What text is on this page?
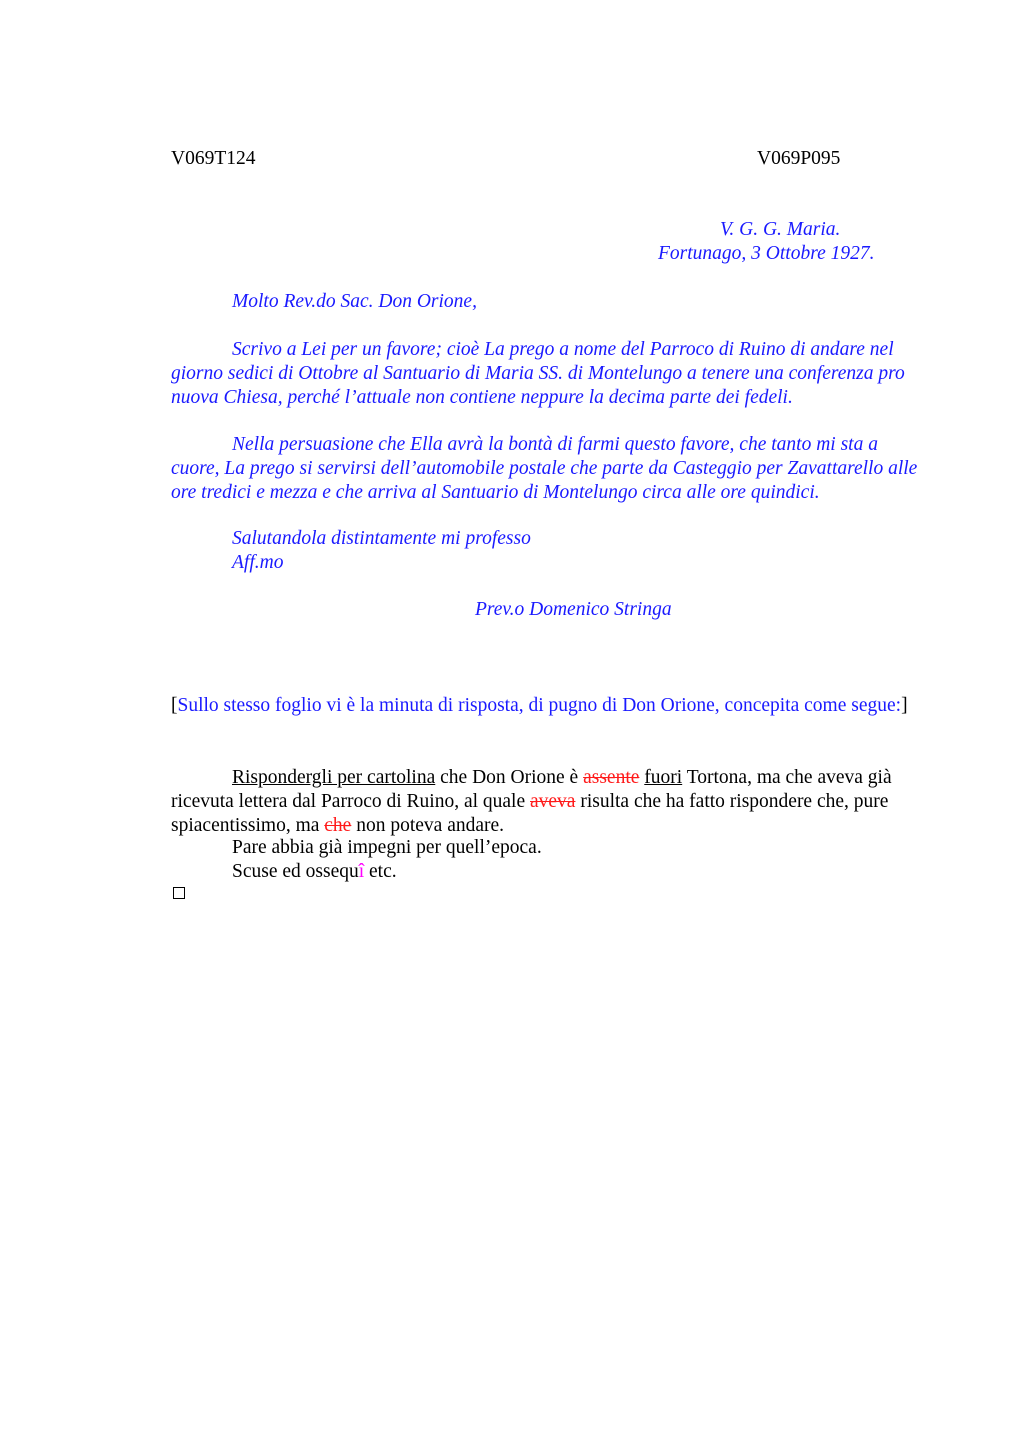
V069T124	V069P095
V. G. G. Maria.
Fortunago, 3 Ottobre 1927.
Molto Rev.do Sac. Don Orione,

Scrivo a Lei per un favore; cioè La prego a nome del Parroco di Ruino di andare nel giorno sedici di Ottobre al Santuario di Maria SS. di Montelungo a tenere una conferenza pro nuova Chiesa, perché l’attuale non contiene neppure la decima parte dei fedeli.

Nella persuasione che Ella avrà la bontà di farmi questo favore, che tanto mi sta a cuore, La prego si servirsi dell’automobile postale che parte da Casteggio per Zavattarello alle ore tredici e mezza e che arriva al Santuario di Montelungo circa alle ore quindici.

Salutandola distintamente mi professo
Aff.mo
Prev.o Domenico Stringa

[Sullo stesso foglio vi è la minuta di risposta, di pugno di Don Orione, concepita come segue:]

Rispondergli per cartolina che Don Orione è assente fuori Tortona, ma che aveva già ricevuta lettera dal Parroco di Ruino, al quale aveva risulta che ha fatto rispondere che, pure spiacentissimo, ma che non poteva andare.

Pare abbia già impegni per quell’epoca.
Scuse ed ossequî etc.
